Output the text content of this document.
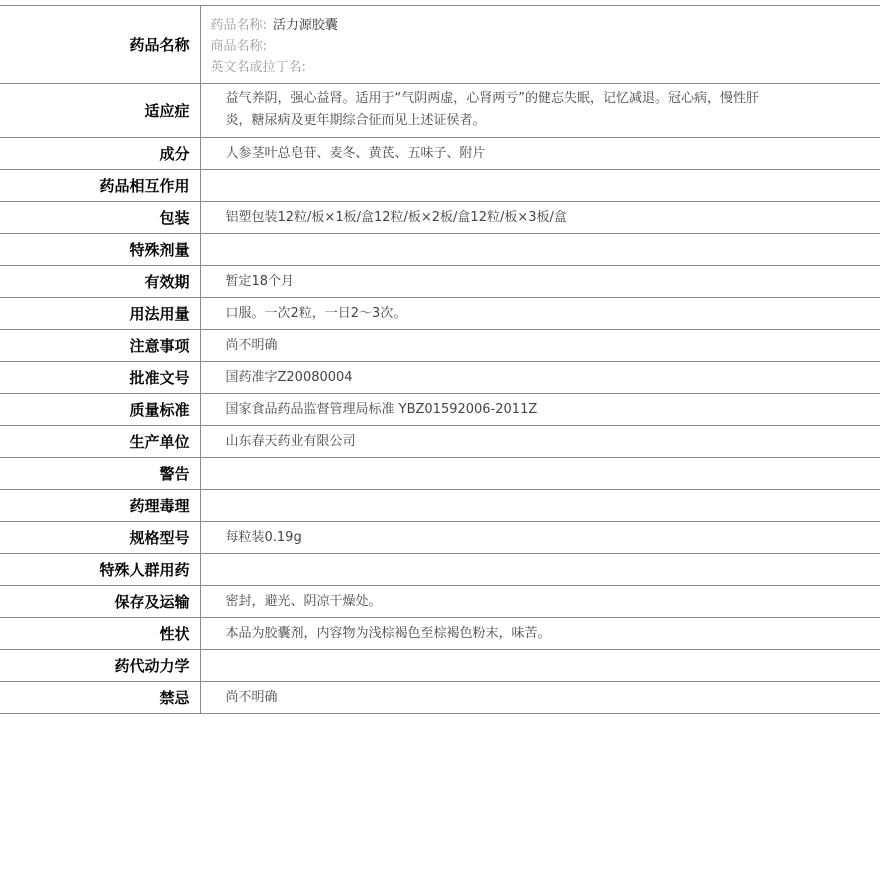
药品名称	药品名称: 活力源胶囊
商品名称:
英文名或拉丁名:

适应症	益气养阴，强心益肾。适用于“气阴两虚，心肾两亏”的健忘失眠，记忆减退。冠心病，慢性肝炎，糖尿病及更年期综合征而见上述证侯者。
成分	人参茎叶总皂苷、麦冬、黄芪、五味子、附片
药品相互作用	
包装	铝塑包装12粒/板×1板/盒12粒/板×2板/盒12粒/板×3板/盒
特殊剂量	
有效期	暂定18个月
用法用量	口服。一次2粒，一日2～3次。
注意事项	尚不明确
批准文号	国药准字Z20080004
质量标准	国家食品药品监督管理局标准 YBZ01592006-2011Z
生产单位	山东春天药业有限公司
警告	
药理毒理	
规格型号	每粒装0.19g
特殊人群用药	
保存及运输	密封，避光、阴凉干燥处。
性状	本品为胶囊剂，内容物为浅棕褐色至棕褐色粉末，味苦。
药代动力学	
禁忌	尚不明确
